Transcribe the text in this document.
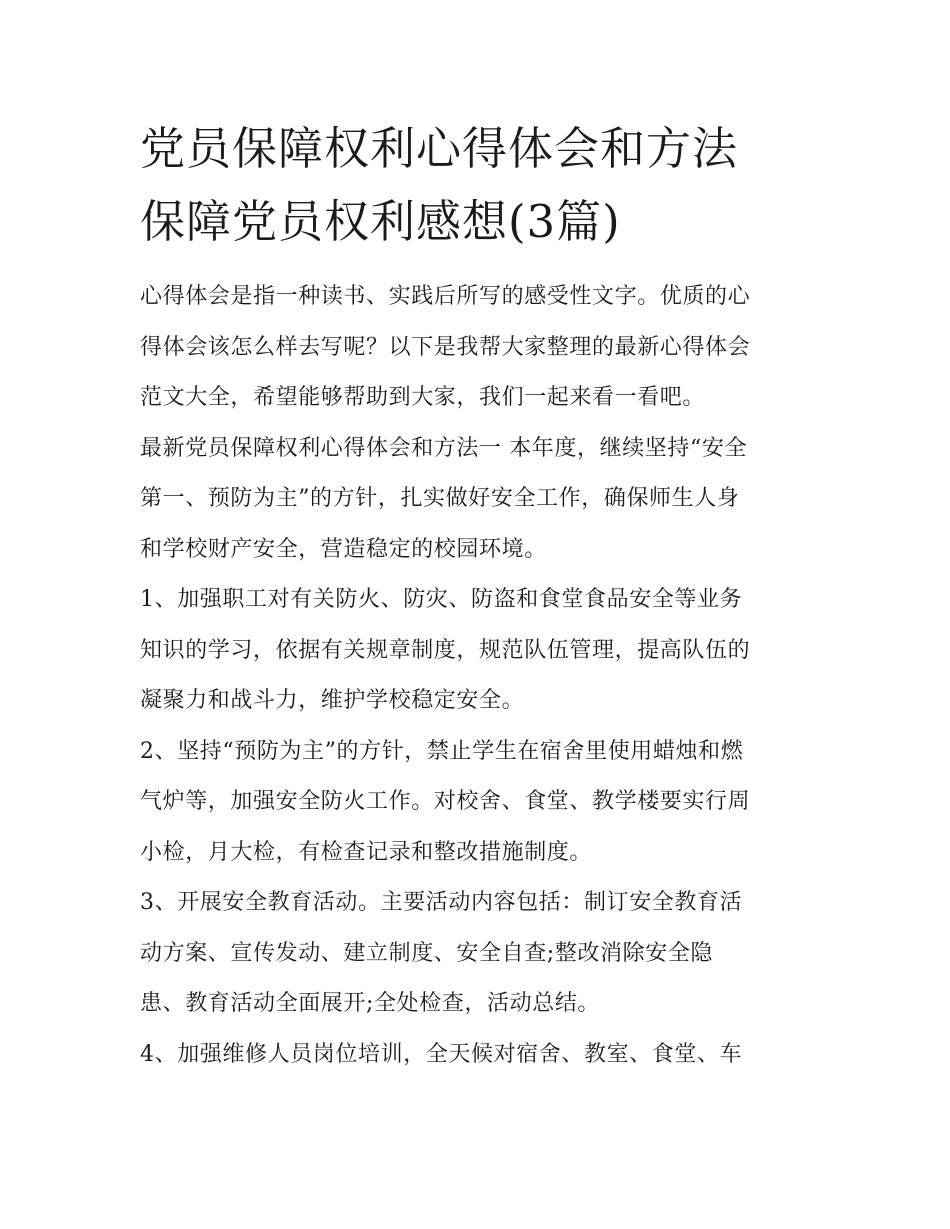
党员保障权利心得体会和方法
保障党员权利感想(3篇)

心得体会是指一种读书、实践后所写的感受性文字。优质的心
得体会该怎么样去写呢？以下是我帮大家整理的最新心得体会
范文大全，希望能够帮助到大家，我们一起来看一看吧。

最新党员保障权利心得体会和方法一 本年度，继续坚持“安全
第一、预防为主”的方针，扎实做好安全工作，确保师生人身
和学校财产安全，营造稳定的校园环境。

1、加强职工对有关防火、防灾、防盗和食堂食品安全等业务
知识的学习，依据有关规章制度，规范队伍管理，提高队伍的
凝聚力和战斗力，维护学校稳定安全。

2、坚持“预防为主”的方针，禁止学生在宿舍里使用蜡烛和燃
气炉等，加强安全防火工作。对校舍、食堂、教学楼要实行周
小检，月大检，有检查记录和整改措施制度。

3、开展安全教育活动。主要活动内容包括：制订安全教育活
动方案、宣传发动、建立制度、安全自查;整改消除安全隐
患、教育活动全面展开;全处检查，活动总结。

4、加强维修人员岗位培训，全天候对宿舍、教室、食堂、车
